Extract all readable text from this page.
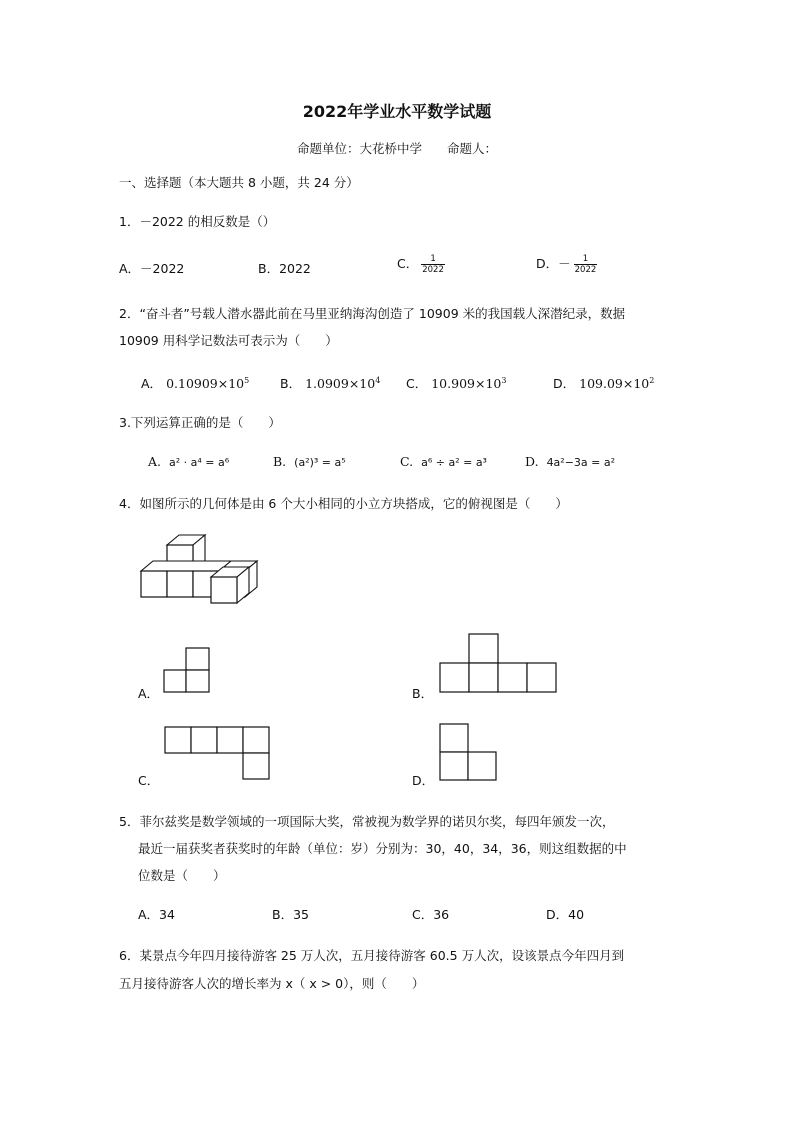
2022年学业水平数学试题
命题单位：大花桥中学　　命题人：
一、选择题（本大题共 8 小题，共 24 分）
1．－2022 的相反数是（）
A．－2022	B．2022	C． $\frac{1}{2022}$	D．－ $\frac{1}{2022}$
2．“奋斗者”号载人潜水器此前在马里亚纳海沟创造了 10909 米的我国载人深潜纪录，数据
10909 用科学记数法可表示为（　　）
A． $0.10909\times 10^5$ B． $1.0909\times 10^4$ C． $10.909\times 10^3$	D． $109.09\times 10^2$
3.下列运算正确的是（　　）
A. a² · a⁴ = a⁶	B. (a²)³ = a⁵	C. a⁶ ÷ a² = a³	D. 4a²−3a = a²
4．如图所示的几何体是由 6 个大小相同的小立方块搭成，它的俯视图是（　　）
A．	B．
C．	D．
5．菲尔兹奖是数学领域的一项国际大奖，常被视为数学界的诺贝尔奖，每四年颁发一次，
最近一届获奖者获奖时的年龄（单位：岁）分别为：30，40，34，36，则这组数据的中
位数是（　　）
A．34	B．35	C．36	D．40
6．某景点今年四月接待游客 25 万人次，五月接待游客 60.5 万人次，设该景点今年四月到
五月接待游客人次的增长率为 x（ x > 0），则（　　）
